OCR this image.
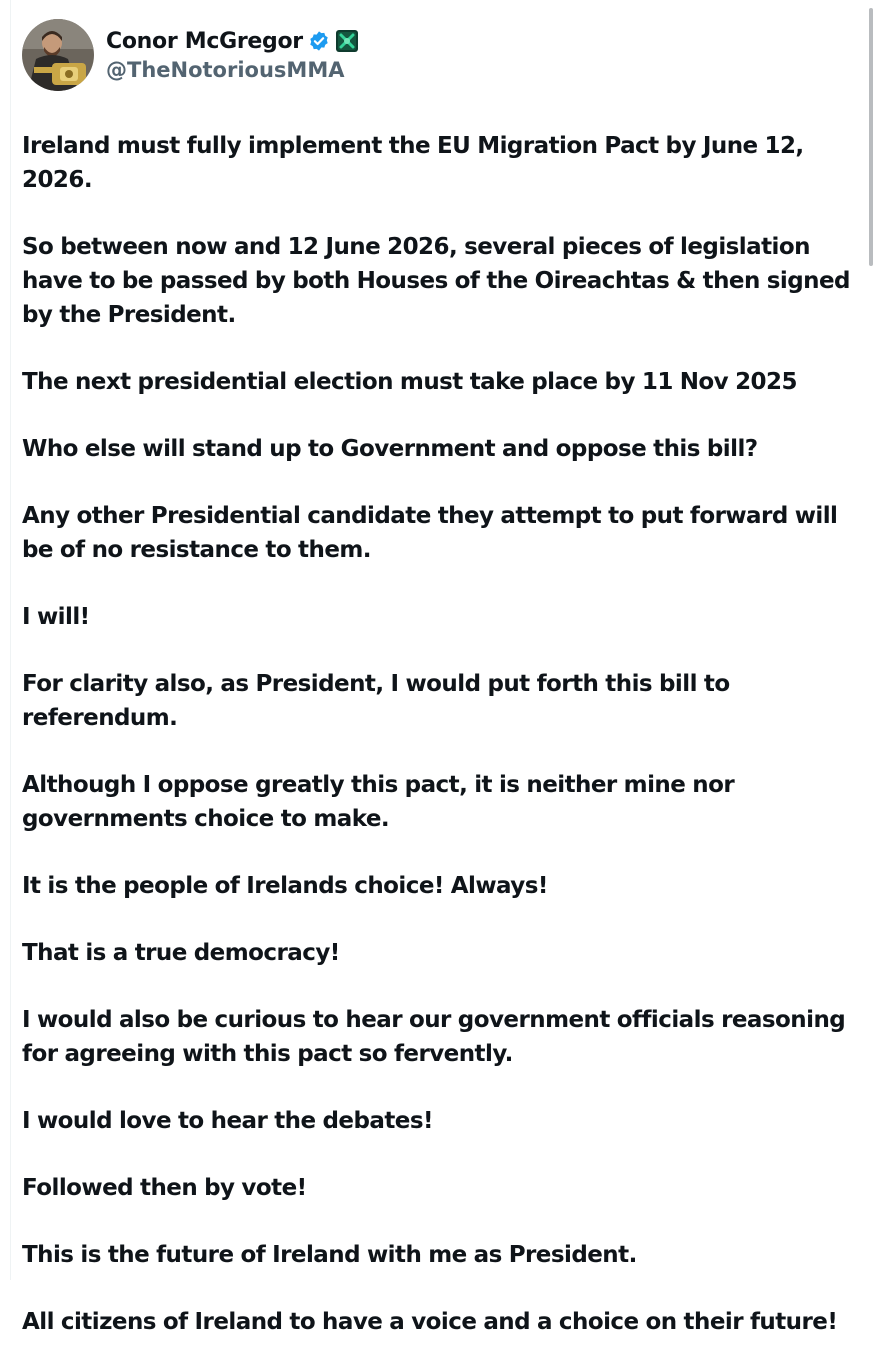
Conor McGregor
@TheNotoriousMMA

Ireland must fully implement the EU Migration Pact by June 12, 2026.

So between now and 12 June 2026, several pieces of legislation have to be passed by both Houses of the Oireachtas & then signed by the President.

The next presidential election must take place by 11 Nov 2025

Who else will stand up to Government and oppose this bill?

Any other Presidential candidate they attempt to put forward will be of no resistance to them.

I will!

For clarity also, as President, I would put forth this bill to referendum.

Although I oppose greatly this pact, it is neither mine nor governments choice to make.

It is the people of Irelands choice! Always!

That is a true democracy!

I would also be curious to hear our government officials reasoning for agreeing with this pact so fervently.

I would love to hear the debates!

Followed then by vote!

This is the future of Ireland with me as President.

All citizens of Ireland to have a voice and a choice on their future!
